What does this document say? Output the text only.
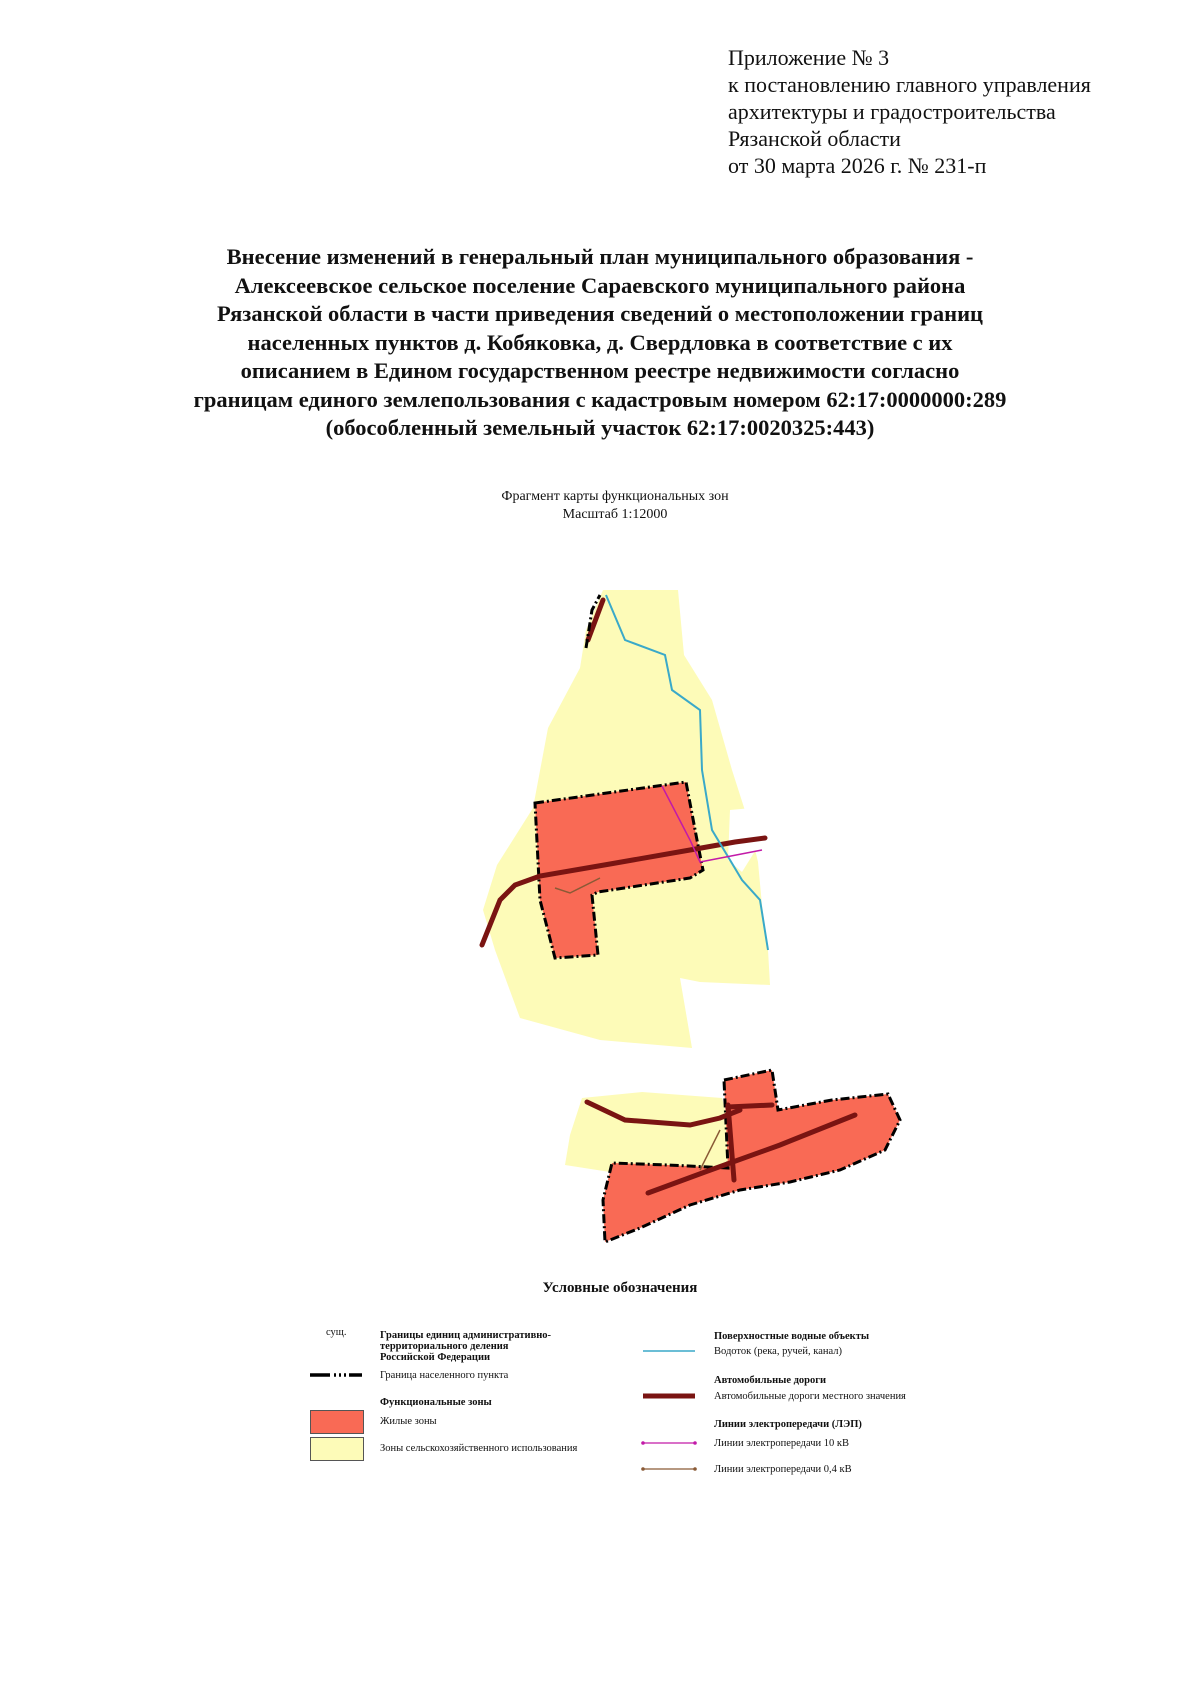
Приложение № 3
к постановлению главного управления
архитектуры и градостроительства
Рязанской области
от 30 марта 2026 г. № 231-п
Внесение изменений в генеральный план муниципального образования -
Алексеевское сельское поселение Сараевского муниципального района
Рязанской области в части приведения сведений о местоположении границ
населенных пунктов д. Кобяковка, д. Свердловка в соответствие с их
описанием в Едином государственном реестре недвижимости согласно
границам единого землепользования с кадастровым номером 62:17:0000000:289
(обособленный земельный участок 62:17:0020325:443)
Фрагмент карты функциональных зон
Масштаб 1:12000
Условные обозначения
сущ.	Границы единиц административно-
территориального деления
Российской Федерации
Граница населенного пункта
Функциональные зоны
Жилые зоны
Зоны сельскохозяйственного использования
Поверхностные водные объекты
Водоток (река, ручей, канал)
Автомобильные дороги
Автомобильные дороги местного значения
Линии электропередачи (ЛЭП)
Линии электропередачи 10 кВ
Линии электропередачи 0,4 кВ
